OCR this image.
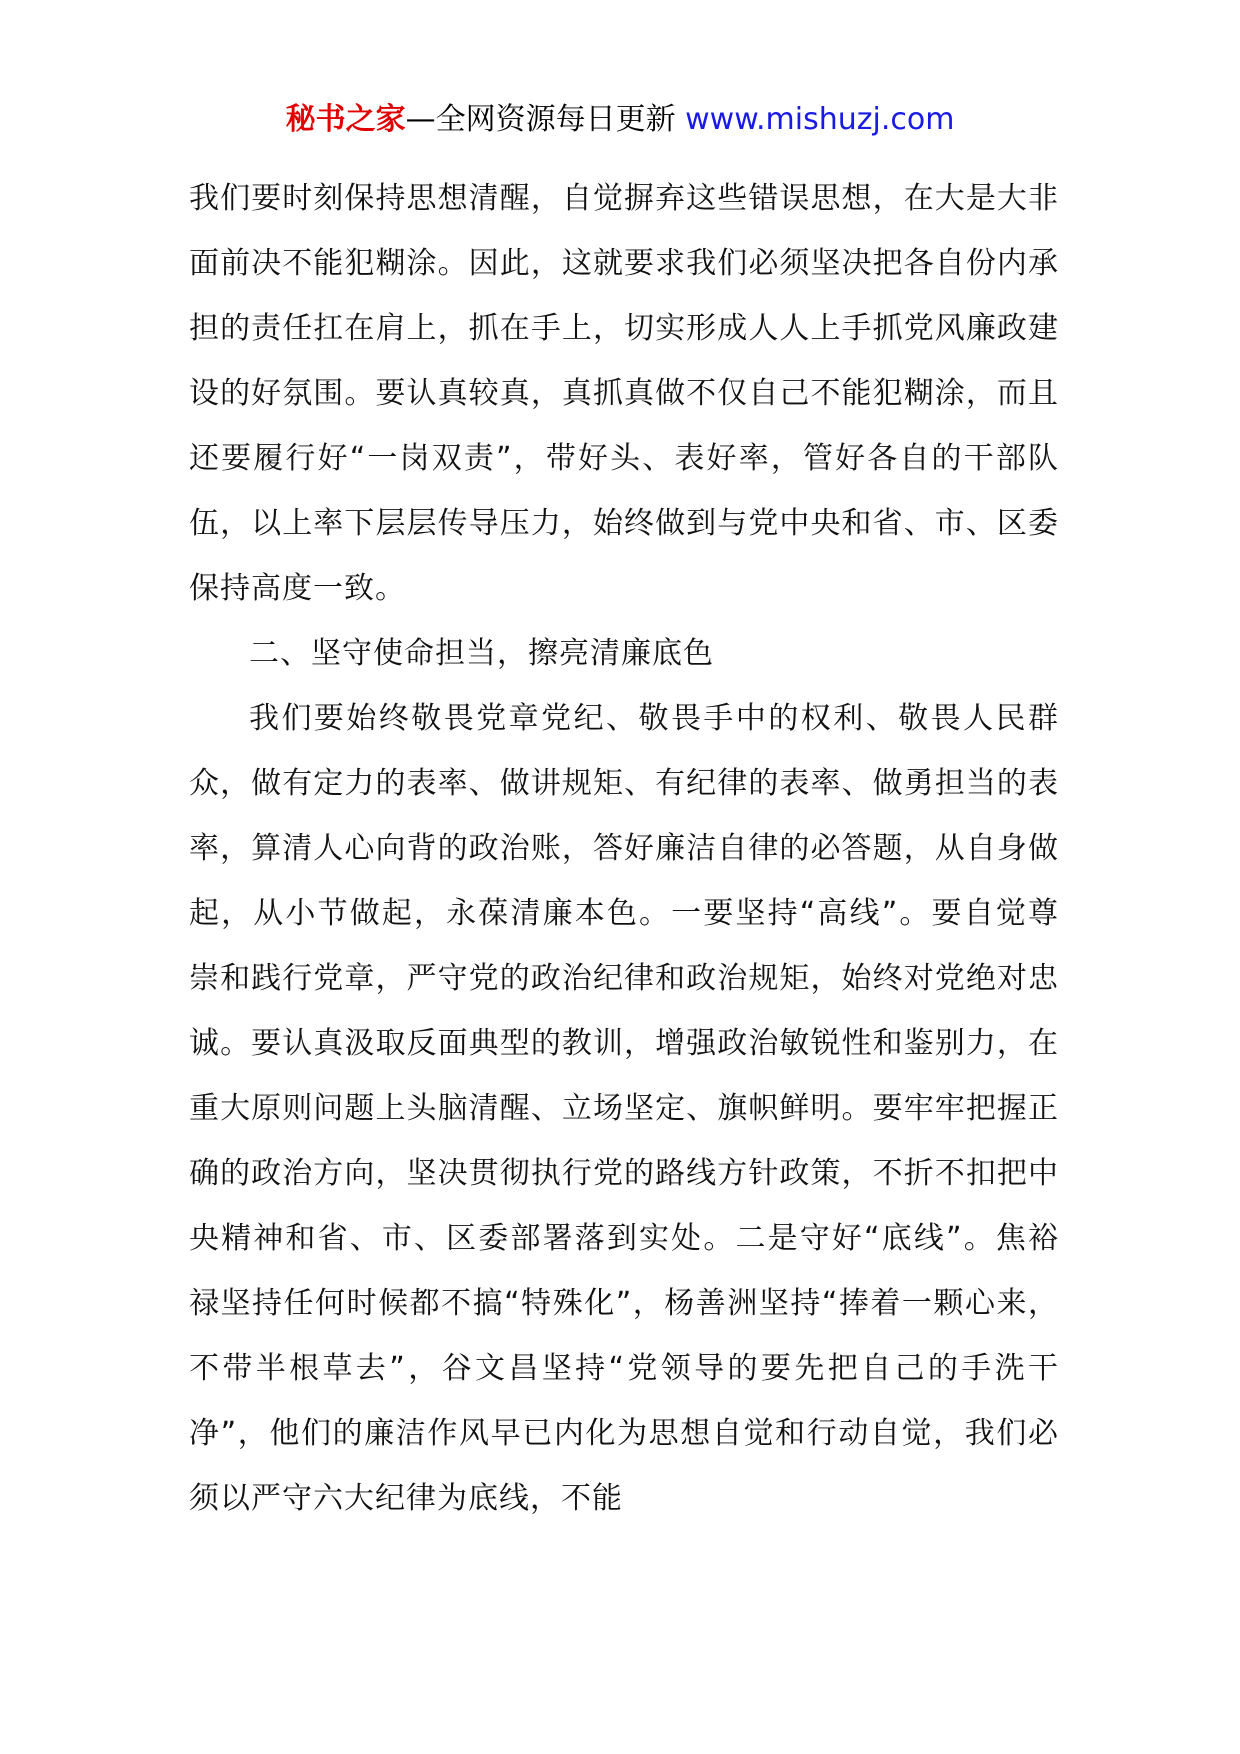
秘书之家—全网资源每日更新 www.mishuzj.com

我们要时刻保持思想清醒，自觉摒弃这些错误思想，在大是大非面前决不能犯糊涂。因此，这就要求我们必须坚决把各自份内承担的责任扛在肩上，抓在手上，切实形成人人上手抓党风廉政建设的好氛围。要认真较真，真抓真做不仅自己不能犯糊涂，而且还要履行好“一岗双责”，带好头、表好率，管好各自的干部队伍，以上率下层层传导压力，始终做到与党中央和省、市、区委保持高度一致。

二、坚守使命担当，擦亮清廉底色

我们要始终敬畏党章党纪、敬畏手中的权利、敬畏人民群众，做有定力的表率、做讲规矩、有纪律的表率、做勇担当的表率，算清人心向背的政治账，答好廉洁自律的必答题，从自身做起，从小节做起，永葆清廉本色。一要坚持“高线”。要自觉尊崇和践行党章，严守党的政治纪律和政治规矩，始终对党绝对忠诚。要认真汲取反面典型的教训，增强政治敏锐性和鉴别力，在重大原则问题上头脑清醒、立场坚定、旗帜鲜明。要牢牢把握正确的政治方向，坚决贯彻执行党的路线方针政策，不折不扣把中央精神和省、市、区委部署落到实处。二是守好“底线”。焦裕禄坚持任何时候都不搞“特殊化”，杨善洲坚持“捧着一颗心来，不带半根草去”，谷文昌坚持“党领导的要先把自己的手洗干净”，他们的廉洁作风早已内化为思想自觉和行动自觉，我们必须以严守六大纪律为底线，不能
